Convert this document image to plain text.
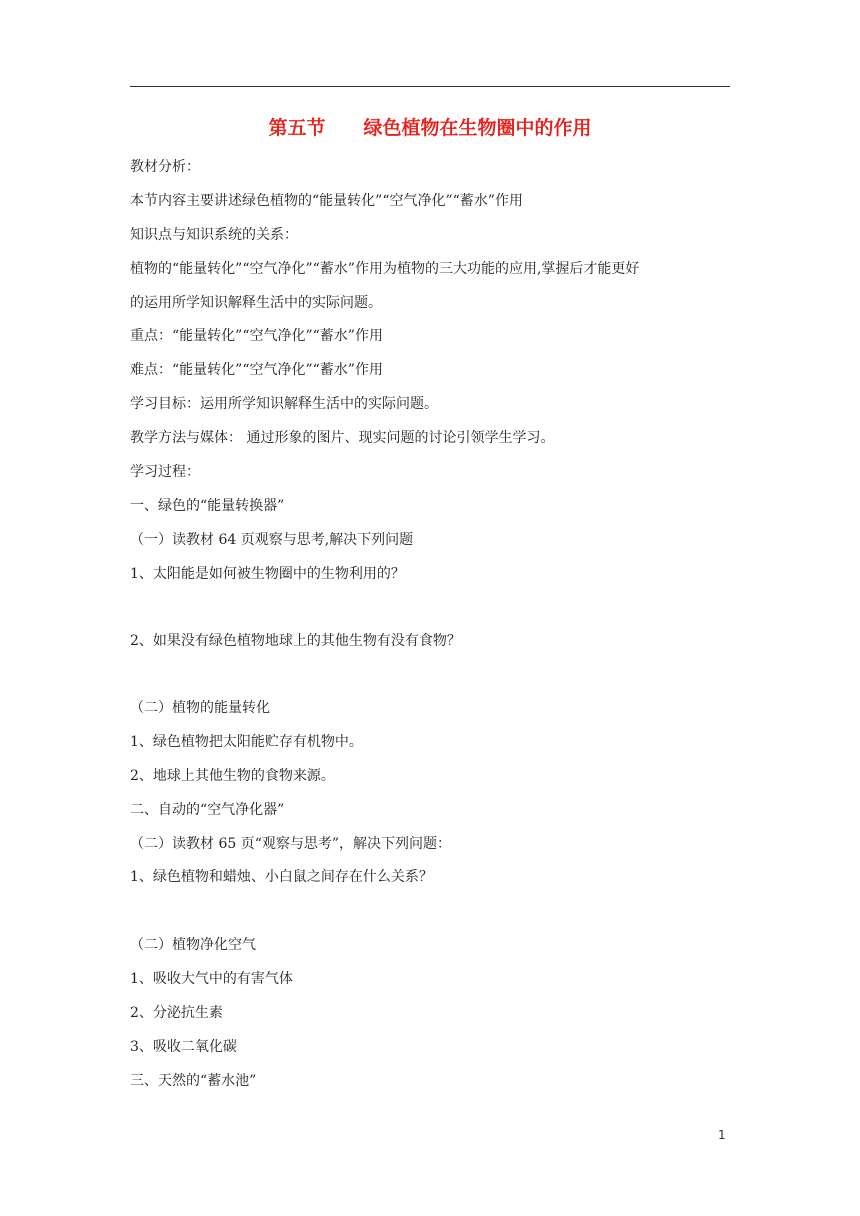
第五节　　绿色植物在生物圈中的作用
教材分析：
本节内容主要讲述绿色植物的“能量转化”“空气净化”“蓄水”作用
知识点与知识系统的关系：
植物的“能量转化”“空气净化”“蓄水”作用为植物的三大功能的应用,掌握后才能更好
的运用所学知识解释生活中的实际问题。
重点：“能量转化”“空气净化”“蓄水”作用
难点：“能量转化”“空气净化”“蓄水”作用
学习目标：运用所学知识解释生活中的实际问题。
教学方法与媒体： 通过形象的图片、现实问题的讨论引领学生学习。
学习过程：
一、绿色的“能量转换器”
（一）读教材 64 页观察与思考,解决下列问题
1、太阳能是如何被生物圈中的生物利用的？
2、如果没有绿色植物地球上的其他生物有没有食物？
（二）植物的能量转化
1、绿色植物把太阳能贮存有机物中。
2、地球上其他生物的食物来源。
二、自动的“空气净化器”
（二）读教材 65 页“观察与思考”，解决下列问题：
1、绿色植物和蜡烛、小白鼠之间存在什么关系？
（二）植物净化空气
1、吸收大气中的有害气体
2、分泌抗生素
3、吸收二氧化碳
三、天然的“蓄水池”
1
